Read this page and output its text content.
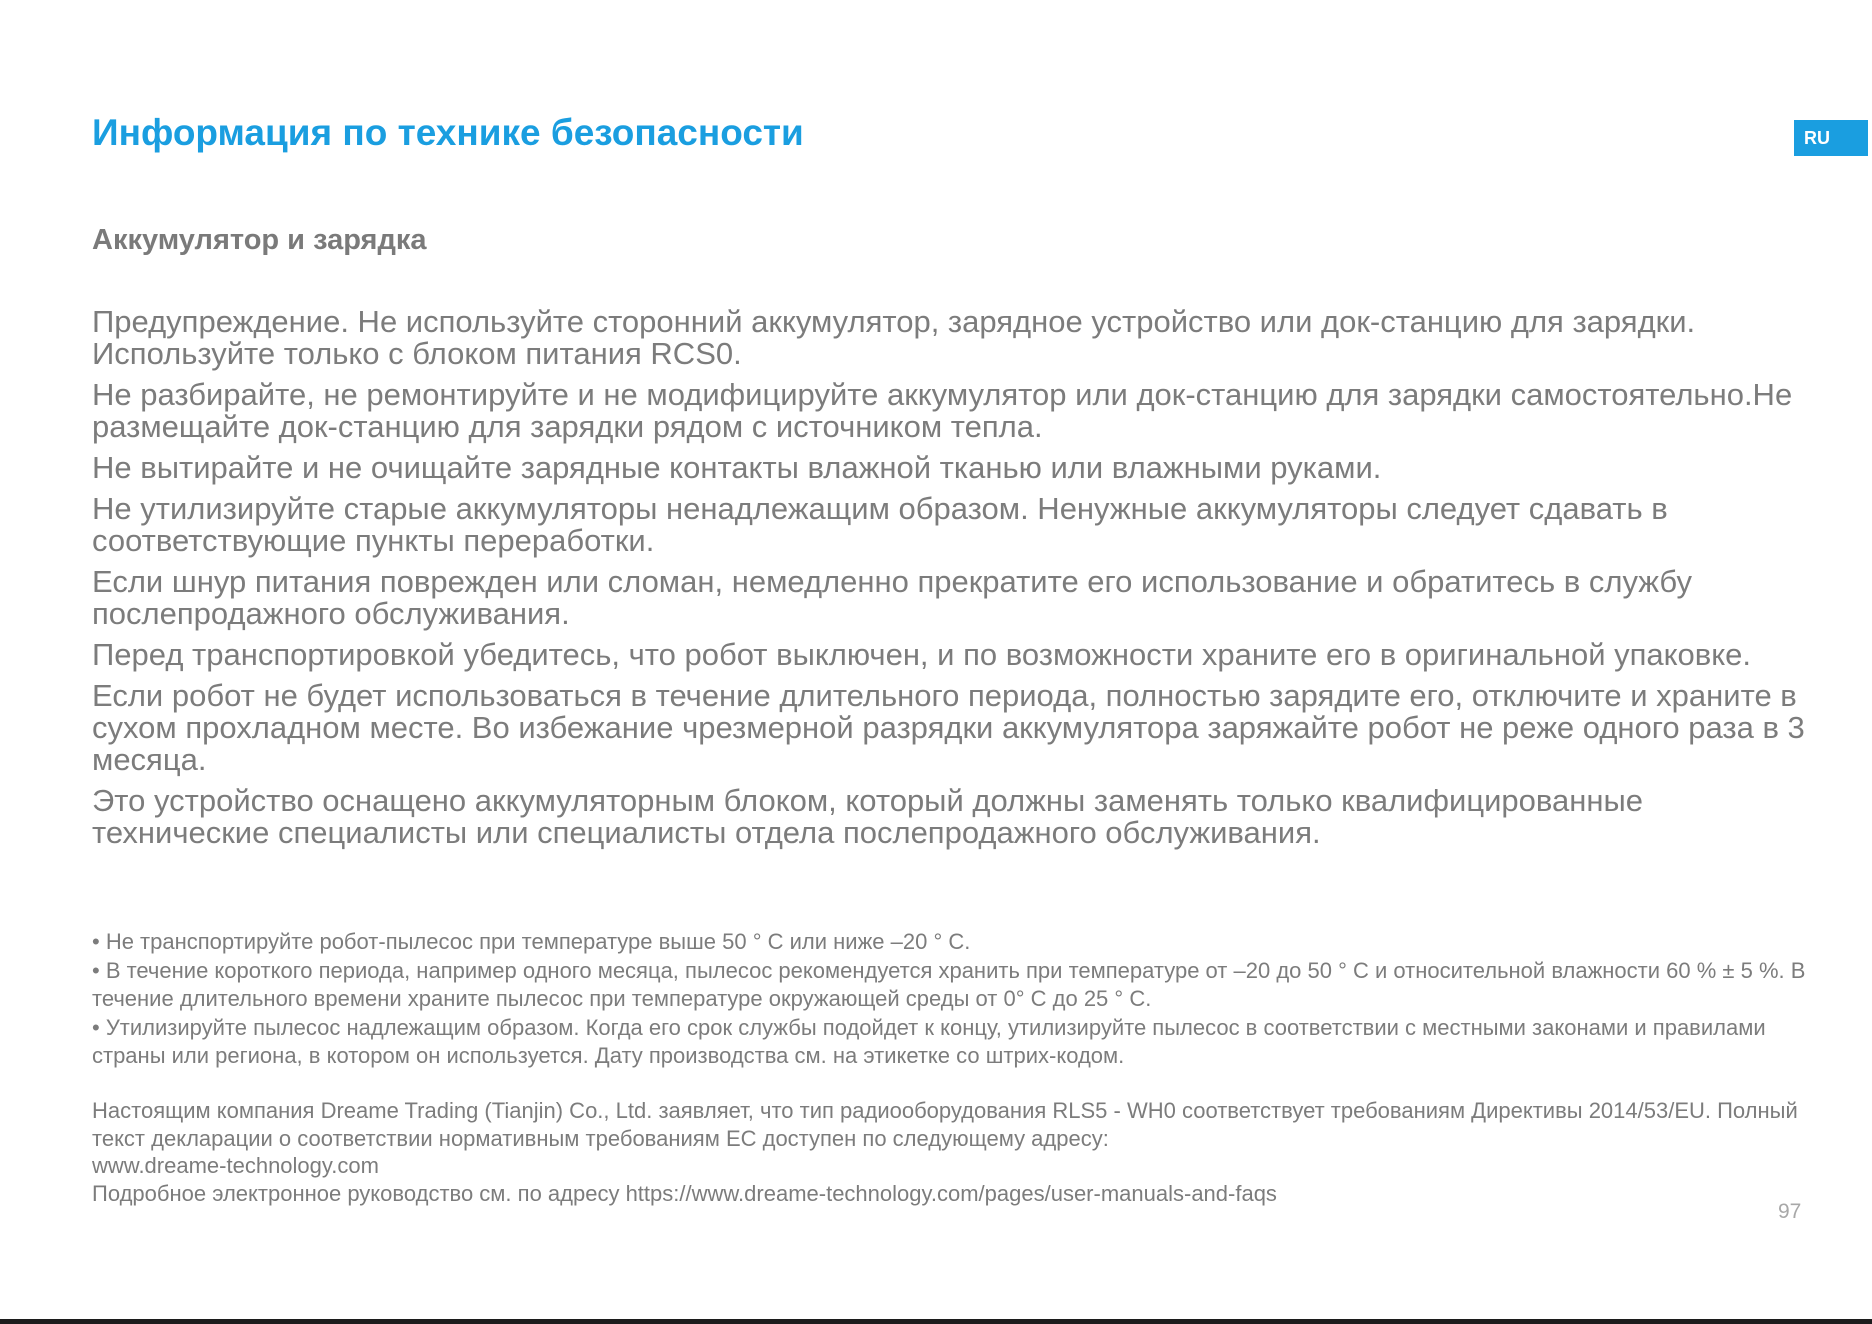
Информация по технике безопасности	RU
Аккумулятор и зарядка

Предупреждение. Не используйте сторонний аккумулятор, зарядное устройство или док-станцию для зарядки. Используйте только с блоком питания RCS0.

Не разбирайте, не ремонтируйте и не модифицируйте аккумулятор или док-станцию для зарядки самостоятельно.Не размещайте док-станцию для зарядки рядом с источником тепла.

Не вытирайте и не очищайте зарядные контакты влажной тканью или влажными руками.

Не утилизируйте старые аккумуляторы ненадлежащим образом. Ненужные аккумуляторы следует сдавать в соответствующие пункты переработки.

Если шнур питания поврежден или сломан, немедленно прекратите его использование и обратитесь в службу послепродажного обслуживания.

Перед транспортировкой убедитесь, что робот выключен, и по возможности храните его в оригинальной упаковке.

Если робот не будет использоваться в течение длительного периода, полностью зарядите его, отключите и храните в сухом прохладном месте. Во избежание чрезмерной разрядки аккумулятора заряжайте робот не реже одного раза в 3 месяца.

Это устройство оснащено аккумуляторным блоком, который должны заменять только квалифицированные технические специалисты или специалисты отдела послепродажного обслуживания.

• Не транспортируйте робот-пылесос при температуре выше 50 ° С или ниже –20 ° С.

• В течение короткого периода, например одного месяца, пылесос рекомендуется хранить при температуре от –20 до 50 ° С и относительной влажности 60 % ± 5 %. В течение длительного времени храните пылесос при температуре окружающей среды от 0° С до 25 ° С.

• Утилизируйте пылесос надлежащим образом. Когда его срок службы подойдет к концу, утилизируйте пылесос в соответствии с местными законами и правилами страны или региона, в котором он используется. Дату производства см. на этикетке со штрих-кодом.

Настоящим компания Dreame Trading (Tianjin) Co., Ltd. заявляет, что тип радиооборудования RLS5 - WH0 соответствует требованиям Директивы 2014/53/EU. Полный текст декларации о соответствии нормативным требованиям ЕС доступен по следующему адресу:

www.dreame-technology.com

Подробное электронное руководство см. по адресу https://www.dreame-technology.com/pages/user-manuals-and-faqs

97
